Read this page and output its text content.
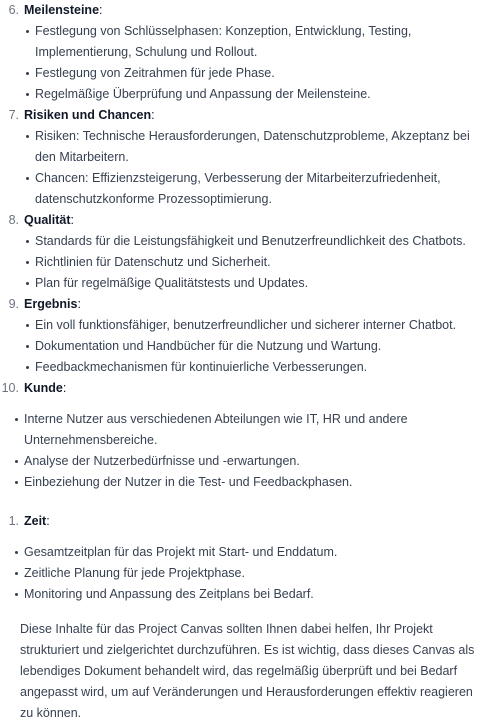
6. Meilensteine:
Festlegung von Schlüsselphasen: Konzeption, Entwicklung, Testing, Implementierung, Schulung und Rollout.
Festlegung von Zeitrahmen für jede Phase.
Regelmäßige Überprüfung und Anpassung der Meilensteine.
7. Risiken und Chancen:
Risiken: Technische Herausforderungen, Datenschutzprobleme, Akzeptanz bei den Mitarbeitern.
Chancen: Effizienzsteigerung, Verbesserung der Mitarbeiterzufriedenheit, datenschutzkonforme Prozessoptimierung.
8. Qualität:
Standards für die Leistungsfähigkeit und Benutzerfreundlichkeit des Chatbots.
Richtlinien für Datenschutz und Sicherheit.
Plan für regelmäßige Qualitätstests und Updates.
9. Ergebnis:
Ein voll funktionsfähiger, benutzerfreundlicher und sicherer interner Chatbot.
Dokumentation und Handbücher für die Nutzung und Wartung.
Feedbackmechanismen für kontinuierliche Verbesserungen.
10. Kunde:
Interne Nutzer aus verschiedenen Abteilungen wie IT, HR und andere Unternehmensbereiche.
Analyse der Nutzerbedürfnisse und -erwartungen.
Einbeziehung der Nutzer in die Test- und Feedbackphasen.
1. Zeit:
Gesamtzeitplan für das Projekt mit Start- und Enddatum.
Zeitliche Planung für jede Projektphase.
Monitoring und Anpassung des Zeitplans bei Bedarf.

Diese Inhalte für das Project Canvas sollten Ihnen dabei helfen, Ihr Projekt strukturiert und zielgerichtet durchzuführen. Es ist wichtig, dass dieses Canvas als lebendiges Dokument behandelt wird, das regelmäßig überprüft und bei Bedarf angepasst wird, um auf Veränderungen und Herausforderungen effektiv reagieren zu können.
